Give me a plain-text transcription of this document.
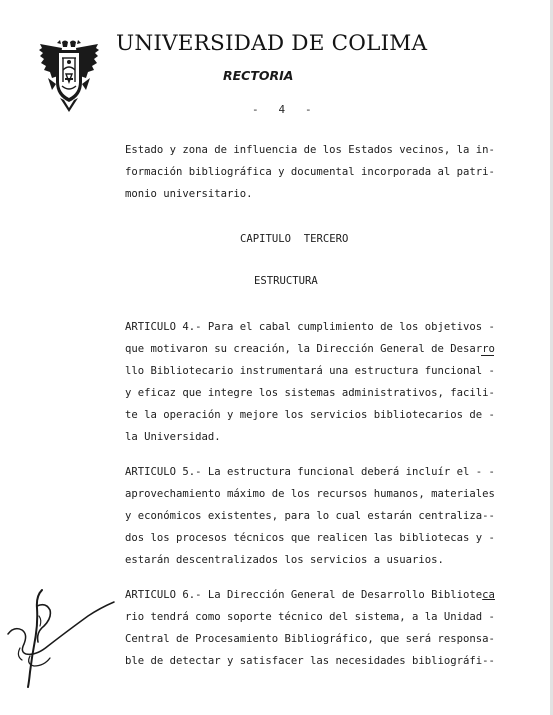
UNIVERSIDAD DE COLIMA
RECTORIA
-   4   -
Estado y zona de influencia de los Estados vecinos, la in-
formación bibliográfica y documental incorporada al patri-
monio universitario.
CAPITULO  TERCERO
ESTRUCTURA
ARTICULO 4.- Para el cabal cumplimiento de los objetivos -
que motivaron su creación, la Dirección General de Desarro
llo Bibliotecario instrumentará una estructura funcional -
y eficaz que integre los sistemas administrativos, facili-
te la operación y mejore los servicios bibliotecarios de -
la Universidad.
ARTICULO 5.- La estructura funcional deberá incluír el - -
aprovechamiento máximo de los recursos humanos, materiales
y económicos existentes, para lo cual estarán centraliza--
dos los procesos técnicos que realicen las bibliotecas y -
estarán descentralizados los servicios a usuarios.
ARTICULO 6.- La Dirección General de Desarrollo Biblioteca
rio tendrá como soporte técnico del sistema, a la Unidad -
Central de Procesamiento Bibliográfico, que será responsa-
ble de detectar y satisfacer las necesidades bibliográfi--
